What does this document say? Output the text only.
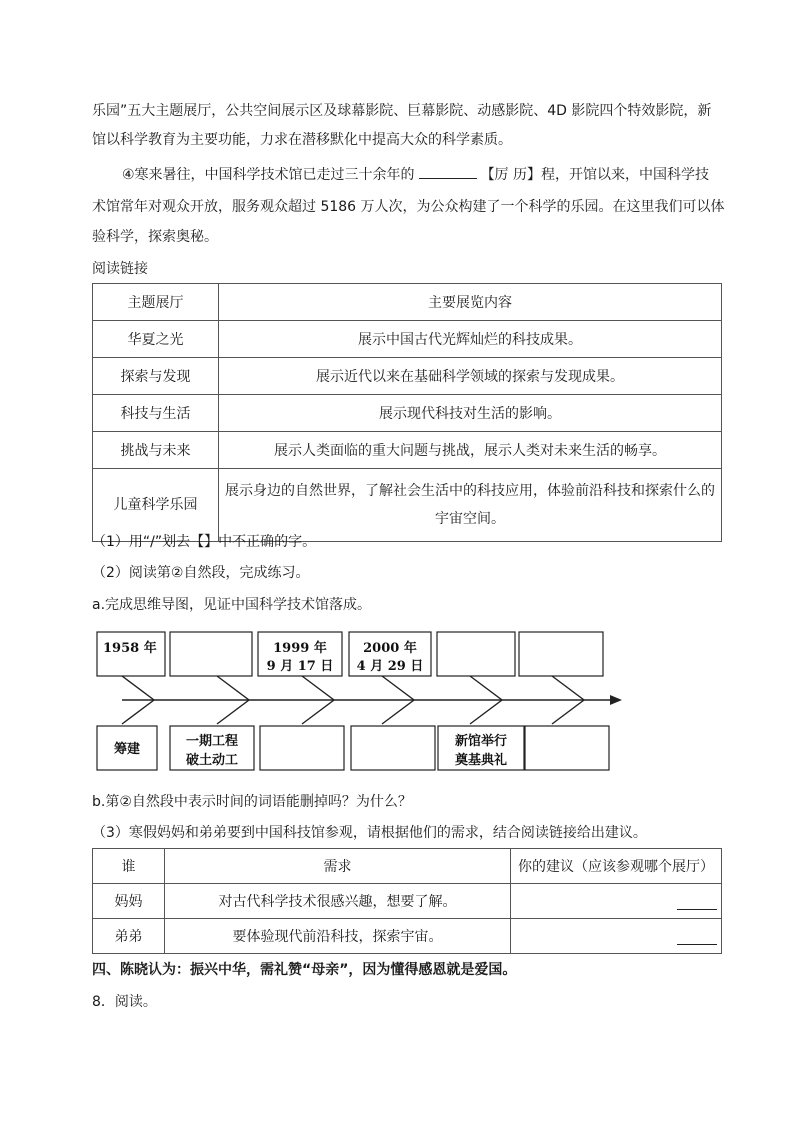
乐园”五大主题展厅，公共空间展示区及球幕影院、巨幕影院、动感影院、4D 影院四个特效影院，新
馆以科学教育为主要功能，力求在潜移默化中提高大众的科学素质。
④寒来暑往，中国科学技术馆已走过三十余年的	【厉 历】程，开馆以来，中国科学技
术馆常年对观众开放，服务观众超过 5186 万人次，为公众构建了一个科学的乐园。在这里我们可以体
验科学，探索奥秘。
阅读链接
主题展厅	主要展览内容
华夏之光	展示中国古代光辉灿烂的科技成果。
探索与发现	展示近代以来在基础科学领域的探索与发现成果。
科技与生活	展示现代科技对生活的影响。
挑战与未来	展示人类面临的重大问题与挑战，展示人类对未来生活的畅享。
儿童科学乐园	展示身边的自然世界，了解社会生活中的科技应用，体验前沿科技和探索什么的宇宙空间。
（1）用“/”划去【】中不正确的字。
（2）阅读第②自然段，完成练习。
a.完成思维导图，见证中国科学技术馆落成。
1958 年	1999 年
9 月 17 日
2000 年
4 月 29 日
筹建
一期工程
破土动工
新馆举行
奠基典礼
b.第②自然段中表示时间的词语能删掉吗？为什么？
（3）寒假妈妈和弟弟要到中国科技馆参观，请根据他们的需求，结合阅读链接给出建议。
谁	需求	你的建议（应该参观哪个展厅）
妈妈	对古代科学技术很感兴趣，想要了解。	

弟弟	要体验现代前沿科技，探索宇宙。	
四、陈晓认为：振兴中华，需礼赞“母亲”，因为懂得感恩就是爱国。
8．阅读。
